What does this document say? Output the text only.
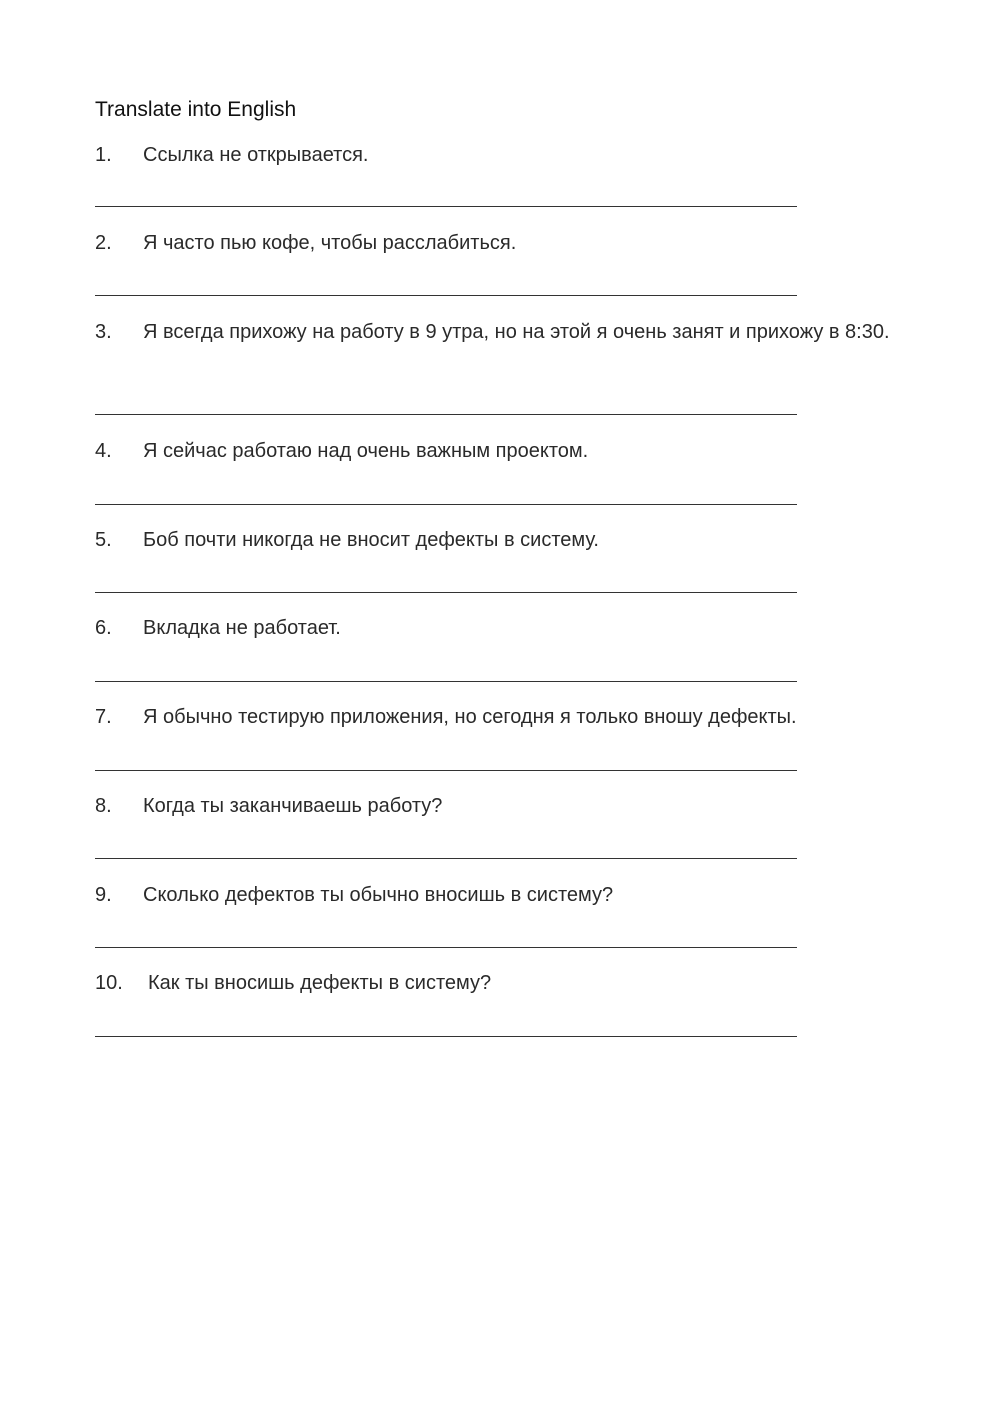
Translate into English
1. Ссылка не открывается.
2. Я часто пью кофе, чтобы расслабиться.
3. Я всегда прихожу на работу в 9 утра, но на этой я очень занят и прихожу в 8:30.
4. Я сейчас работаю над очень важным проектом.
5. Боб почти никогда не вносит дефекты в систему.
6. Вкладка не работает.
7. Я обычно тестирую приложения, но сегодня я только вношу дефекты.
8. Когда ты заканчиваешь работу?
9. Сколько дефектов ты обычно вносишь в систему?
10. Как ты вносишь дефекты в систему?
